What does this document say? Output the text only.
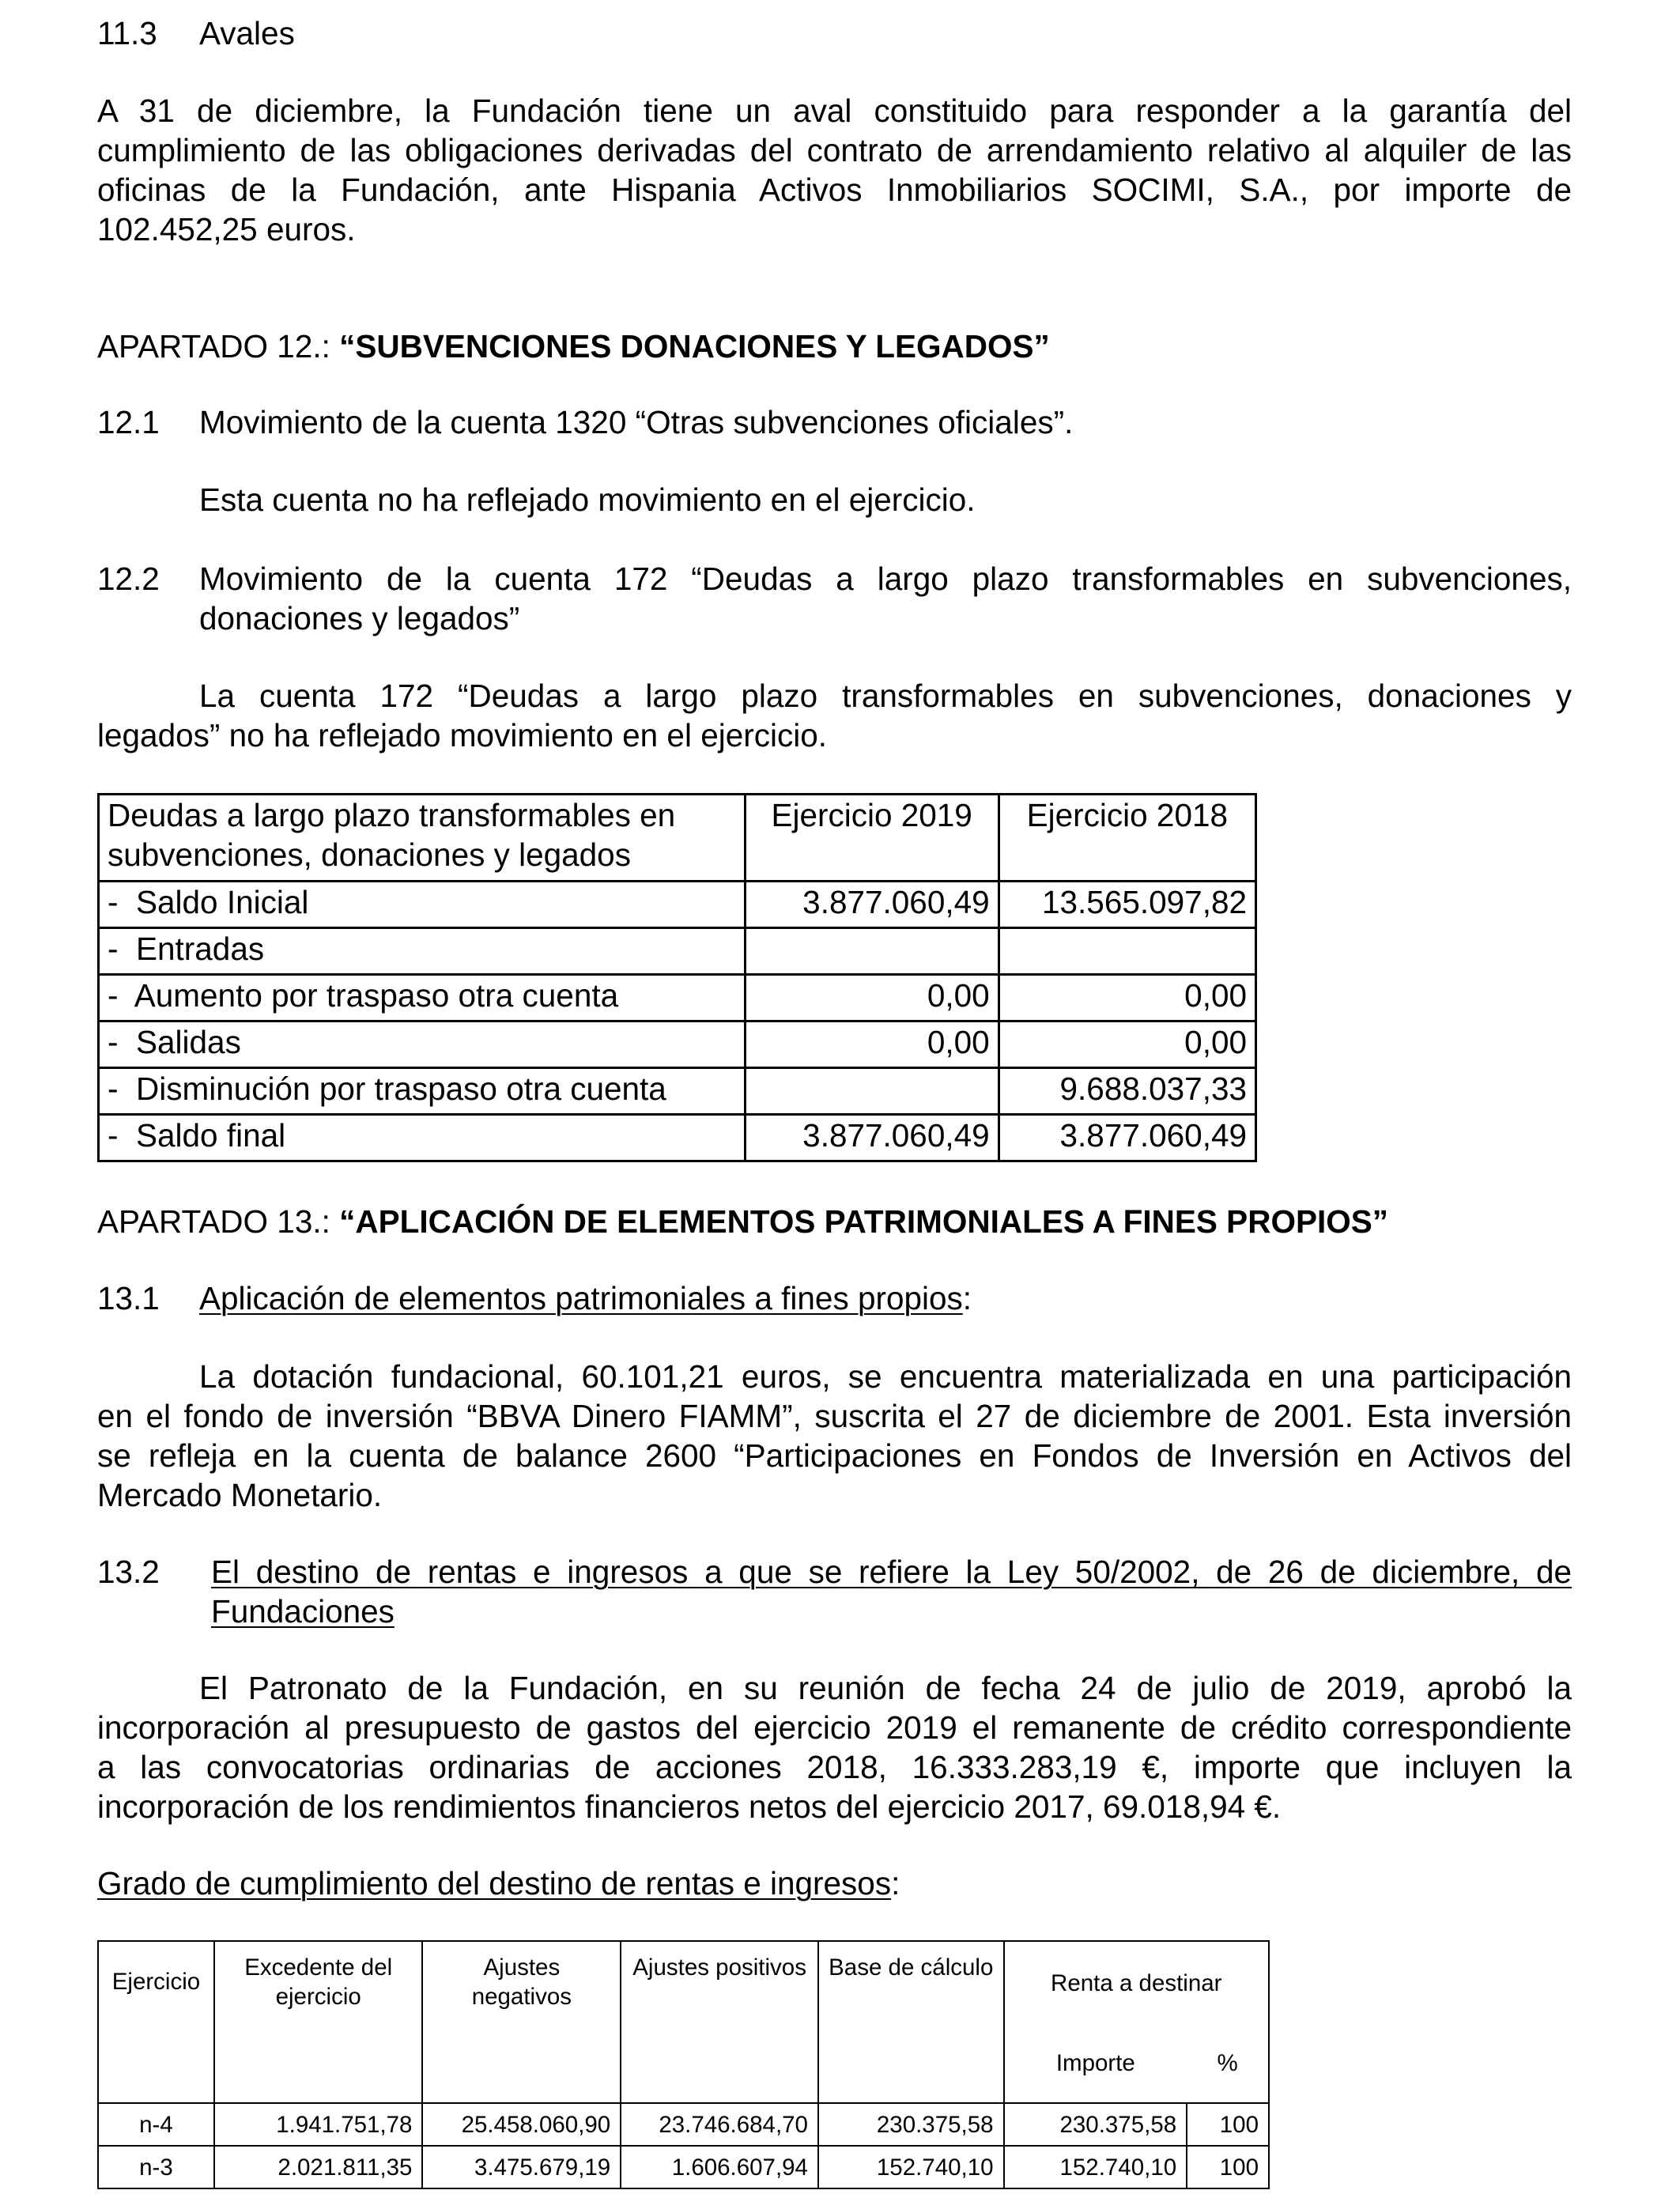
11.3 Avales
A 31 de diciembre, la Fundación tiene un aval constituido para responder a la garantía del
cumplimiento de las obligaciones derivadas del contrato de arrendamiento relativo al alquiler de las
oficinas de la Fundación, ante Hispania Activos Inmobiliarios SOCIMI, S.A., por importe de
102.452,25 euros.
APARTADO 12.: “SUBVENCIONES DONACIONES Y LEGADOS”
12.1 Movimiento de la cuenta 1320 “Otras subvenciones oficiales”.
Esta cuenta no ha reflejado movimiento en el ejercicio.
12.2 Movimiento de la cuenta 172 “Deudas a largo plazo transformables en subvenciones,
donaciones y legados”
La cuenta 172 “Deudas a largo plazo transformables en subvenciones, donaciones y
legados” no ha reflejado movimiento en el ejercicio.
Deudas a largo plazo transformables en subvenciones, donaciones y legados	Ejercicio 2019	Ejercicio 2018
-  Saldo Inicial	3.877.060,49	13.565.097,82
-  Entradas		
-  Aumento por traspaso otra cuenta	0,00	0,00
-  Salidas	0,00	0,00
-  Disminución por traspaso otra cuenta		9.688.037,33
-  Saldo final	3.877.060,49	3.877.060,49
APARTADO 13.: “APLICACIÓN DE ELEMENTOS PATRIMONIALES A FINES PROPIOS”
13.1 Aplicación de elementos patrimoniales a fines propios:
La dotación fundacional, 60.101,21 euros, se encuentra materializada en una participación
en el fondo de inversión “BBVA Dinero FIAMM”, suscrita el 27 de diciembre de 2001. Esta inversión
se refleja en la cuenta de balance 2600 “Participaciones en Fondos de Inversión en Activos del
Mercado Monetario.
13.2 El destino de rentas e ingresos a que se refiere la Ley 50/2002, de 26 de diciembre, de
Fundaciones
El Patronato de la Fundación, en su reunión de fecha 24 de julio de 2019, aprobó la
incorporación al presupuesto de gastos del ejercicio 2019 el remanente de crédito correspondiente
a las convocatorias ordinarias de acciones 2018, 16.333.283,19 €, importe que incluyen la
incorporación de los rendimientos financieros netos del ejercicio 2017, 69.018,94 €.
Grado de cumplimiento del destino de rentas e ingresos:
Ejercicio	Excedente del ejercicio	Ajustes negativos	Ajustes positivos	Base de cálculo	Renta a destinar	
					Importe	%
n-4	1.941.751,78	25.458.060,90	23.746.684,70	230.375,58	230.375,58	100
n-3	2.021.811,35	3.475.679,19	1.606.607,94	152.740,10	152.740,10	100
